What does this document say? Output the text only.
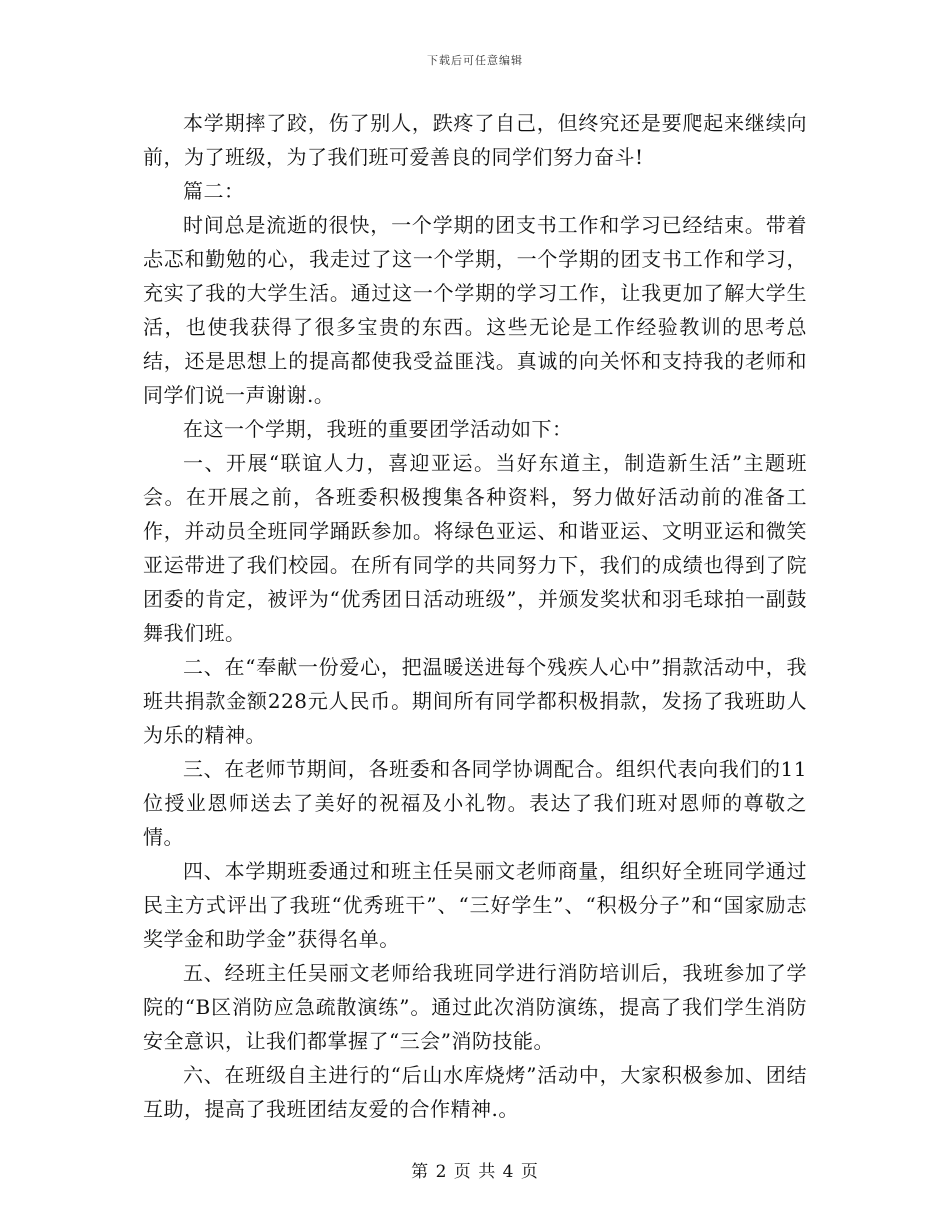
下载后可任意编辑

本学期摔了跤，伤了别人，跌疼了自己，但终究还是要爬起来继续向前，为了班级，为了我们班可爱善良的同学们努力奋斗!

篇二：

时间总是流逝的很快，一个学期的团支书工作和学习已经结束。带着忐忑和勤勉的心，我走过了这一个学期，一个学期的团支书工作和学习，充实了我的大学生活。通过这一个学期的学习工作，让我更加了解大学生活，也使我获得了很多宝贵的东西。这些无论是工作经验教训的思考总结，还是思想上的提高都使我受益匪浅。真诚的向关怀和支持我的老师和同学们说一声谢谢.。

在这一个学期，我班的重要团学活动如下：

一、开展“联谊人力，喜迎亚运。当好东道主，制造新生活”主题班会。在开展之前，各班委积极搜集各种资料，努力做好活动前的准备工作，并动员全班同学踊跃参加。将绿色亚运、和谐亚运、文明亚运和微笑亚运带进了我们校园。在所有同学的共同努力下，我们的成绩也得到了院团委的肯定，被评为“优秀团日活动班级”，并颁发奖状和羽毛球拍一副鼓舞我们班。

二、在“奉献一份爱心，把温暖送进每个残疾人心中”捐款活动中，我班共捐款金额228元人民币。期间所有同学都积极捐款，发扬了我班助人为乐的精神。

三、在老师节期间，各班委和各同学协调配合。组织代表向我们的11位授业恩师送去了美好的祝福及小礼物。表达了我们班对恩师的尊敬之情。

四、本学期班委通过和班主任吴丽文老师商量，组织好全班同学通过民主方式评出了我班“优秀班干”、“三好学生”、“积极分子”和“国家励志奖学金和助学金”获得名单。

五、经班主任吴丽文老师给我班同学进行消防培训后，我班参加了学院的“B区消防应急疏散演练”。通过此次消防演练，提高了我们学生消防安全意识，让我们都掌握了“三会”消防技能。

六、在班级自主进行的“后山水库烧烤”活动中，大家积极参加、团结互助，提高了我班团结友爱的合作精神.。

第 2 页 共 4 页
